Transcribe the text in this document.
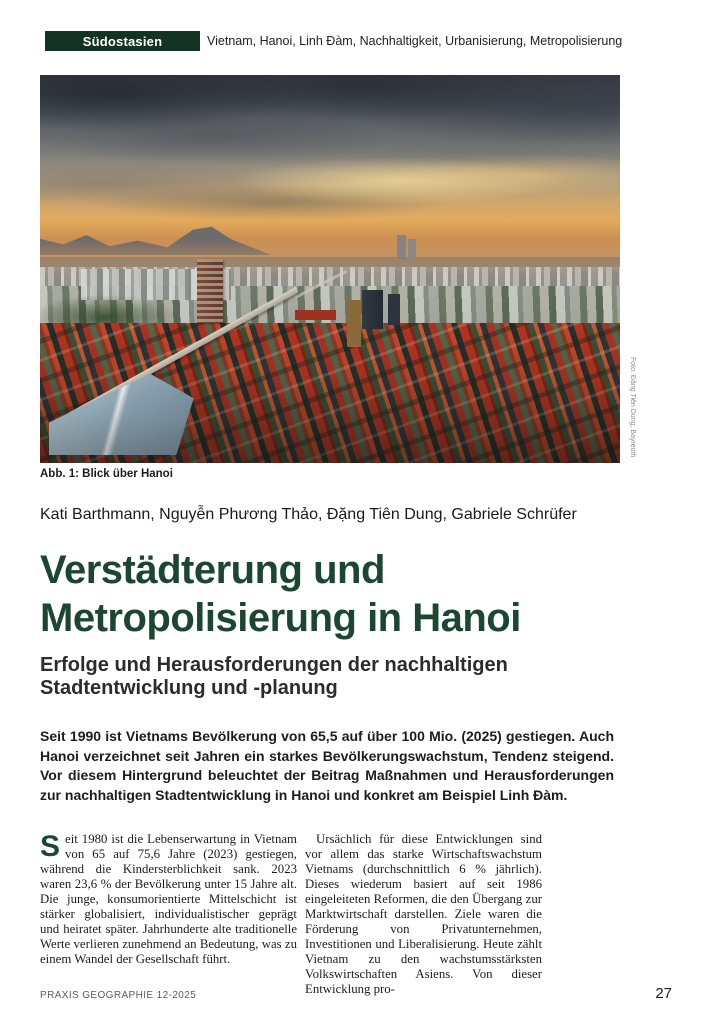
Südostasien	Vietnam, Hanoi, Linh Đàm, Nachhaltigkeit, Urbanisierung, Metropolisierung
Foto: Đặng Tiên Dung, Bayreuth
Abb. 1: Blick über Hanoi
Kati Barthmann, Nguyễn Phương Thảo, Đặng Tiên Dung, Gabriele Schrüfer
Verstädterung und
Metropolisierung in Hanoi
Erfolge und Herausforderungen der nachhaltigen
Stadtentwicklung und -planung

Seit 1990 ist Vietnams Bevölkerung von 65,5 auf über 100 Mio. (2025) gestiegen. Auch Hanoi verzeichnet seit Jahren ein starkes Bevölkerungswachstum, Tendenz steigend. Vor diesem Hintergrund beleuchtet der Beitrag Maßnahmen und Herausforderungen zur nachhaltigen Stadtentwicklung in Hanoi und konkret am Beispiel Linh Đàm.

Seit 1980 ist die Lebenserwartung in Vietnam von 65 auf 75,6 Jahre (2023) gestiegen, während die Kindersterblichkeit sank. 2023 waren 23,6 % der Bevölkerung unter 15 Jahre alt. Die junge, konsumorientierte Mittelschicht ist stärker globalisiert, individualistischer geprägt und heiratet später. Jahrhunderte alte traditionelle Werte verlieren zunehmend an Bedeutung, was zu einem Wandel der Gesellschaft führt.

Ursächlich für diese Entwicklungen sind vor allem das starke Wirtschaftswachstum Vietnams (durchschnittlich 6 % jährlich). Dieses wiederum basiert auf seit 1986 eingeleiteten Reformen, die den Übergang zur Marktwirtschaft darstellen. Ziele waren die Förderung von Privatunternehmen, Investitionen und Liberalisierung. Heute zählt Vietnam zu den wachstumsstärksten Volkswirtschaften Asiens. Von dieser Entwicklung pro-

PRAXIS GEOGRAPHIE 12-2025	27
